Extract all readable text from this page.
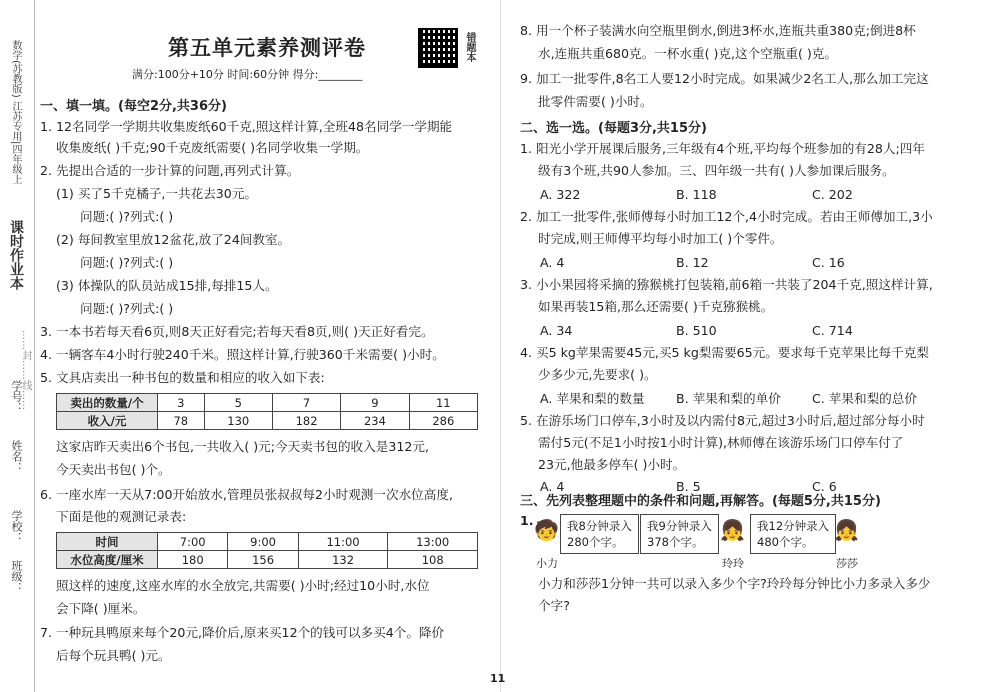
课时作业本
数学(苏教版) 江苏专用|四年级上
……封……线……
班级：
学校：
姓名：
学号：
第五单元素养测评卷	错题本
满分:100分+10分 时间:60分钟 得分:________
一、填一填。(每空2分,共36分)
1. 12名同学一学期共收集废纸60千克,照这样计算,全班48名同学一学期能
收集废纸( )千克;90千克废纸需要( )名同学收集一学期。
2. 先提出合适的一步计算的问题,再列式计算。
(1) 买了5千克橘子,一共花去30元。
问题:( )?列式:( )
(2) 每间教室里放12盆花,放了24间教室。
问题:( )?列式:( )
(3) 体操队的队员站成15排,每排15人。
问题:( )?列式:( )
3. 一本书若每天看6页,则8天正好看完;若每天看8页,则( )天正好看完。
4. 一辆客车4小时行驶240千米。照这样计算,行驶360千米需要( )小时。
5. 文具店卖出一种书包的数量和相应的收入如下表:
卖出的数量/个	3	5	7	9	11
收入/元	78	130	182	234	286
这家店昨天卖出6个书包,一共收入( )元;今天卖书包的收入是312元,
今天卖出书包( )个。
6. 一座水库一天从7:00开始放水,管理员张叔叔每2小时观测一次水位高度,
下面是他的观测记录表:
时间	7:00	9:00	11:00	13:00
水位高度/厘米	180	156	132	108
照这样的速度,这座水库的水全放完,共需要( )小时;经过10小时,水位
会下降( )厘米。
7. 一种玩具鸭原来每个20元,降价后,原来买12个的钱可以多买4个。降价
后每个玩具鸭( )元。
8. 用一个杯子装满水向空瓶里倒水,倒进3杯水,连瓶共重380克;倒进8杯
水,连瓶共重680克。一杯水重( )克,这个空瓶重( )克。
9. 加工一批零件,8名工人要12小时完成。如果减少2名工人,那么加工完这
批零件需要( )小时。
二、选一选。(每题3分,共15分)
1. 阳光小学开展课后服务,三年级有4个班,平均每个班参加的有28人;四年
级有3个班,共90人参加。三、四年级一共有( )人参加课后服务。
A. 322	B. 118	C. 202
2. 加工一批零件,张师傅每小时加工12个,4小时完成。若由王师傅加工,3小
时完成,则王师傅平均每小时加工( )个零件。
A. 4	B. 12	C. 16
3. 小小果园将采摘的猕猴桃打包装箱,前6箱一共装了204千克,照这样计算,
如果再装15箱,那么还需要( )千克猕猴桃。
A. 34	B. 510	C. 714
4. 买5 kg苹果需要45元,买5 kg梨需要65元。要求每千克苹果比每千克梨
少多少元,先要求( )。
A. 苹果和梨的数量 B. 苹果和梨的单价 C. 苹果和梨的总价
5. 在游乐场门口停车,3小时及以内需付8元,超过3小时后,超过部分每小时
需付5元(不足1小时按1小时计算),林师傅在该游乐场门口停车付了
23元,他最多停车( )小时。
A. 4	B. 5	C. 6
三、先列表整理题中的条件和问题,再解答。(每题5分,共15分)
1. 🧒 我8分钟录入
280个字。
小力
我9分钟录入
378个字。 👧
玲玲
我12分钟录入
480个字。	👧
莎莎
小力和莎莎1分钟一共可以录入多少个字?玲玲每分钟比小力多录入多少
个字?
11
